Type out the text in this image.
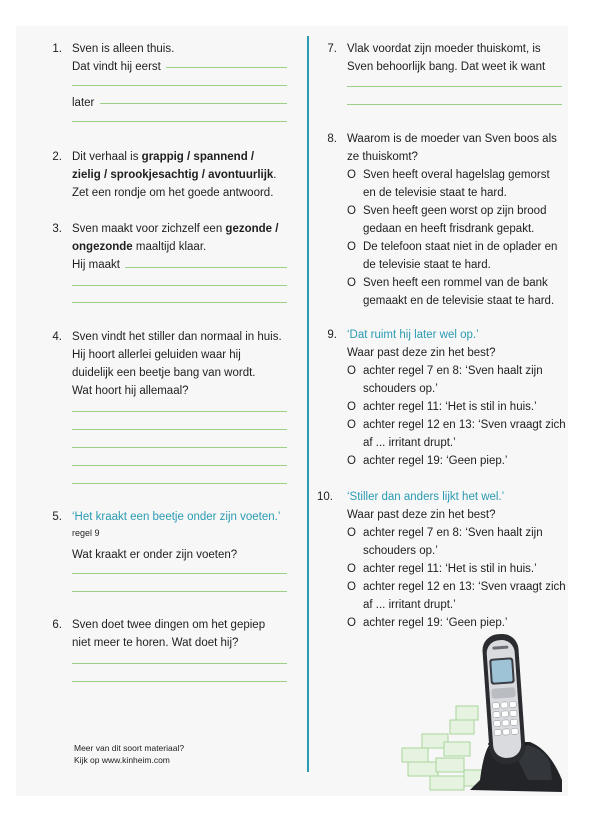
1. Sven is alleen thuis.
Dat vindt hij eerst
later
2. Dit verhaal is grappig / spannend /
zielig / sprookjesachtig / avontuurlijk.
Zet een rondje om het goede antwoord.
3. Sven maakt voor zichzelf een gezonde /
ongezonde maaltijd klaar.
Hij maakt
4. Sven vindt het stiller dan normaal in huis.
Hij hoort allerlei geluiden waar hij
duidelijk een beetje bang van wordt.
Wat hoort hij allemaal?
5. ‘Het kraakt een beetje onder zijn voeten.’
regel 9
Wat kraakt er onder zijn voeten?
6. Sven doet twee dingen om het gepiep
niet meer te horen. Wat doet hij?
Meer van dit soort materiaal?
Kijk op www.kinheim.com
7. Vlak voordat zijn moeder thuiskomt, is
Sven behoorlijk bang. Dat weet ik want
8. Waarom is de moeder van Sven boos als
ze thuiskomt?
O Sven heeft overal hagelslag gemorst
en de televisie staat te hard.
O Sven heeft geen worst op zijn brood
gedaan en heeft frisdrank gepakt.
O De telefoon staat niet in de oplader en
de televisie staat te hard.
O Sven heeft een rommel van de bank
gemaakt en de televisie staat te hard.
9. ‘Dat ruimt hij later wel op.’
Waar past deze zin het best?
O achter regel 7 en 8: ‘Sven haalt zijn
schouders op.’
O achter regel 11: ‘Het is stil in huis.’
O achter regel 12 en 13: ‘Sven vraagt zich
af ... irritant drupt.’
O achter regel 19: ‘Geen piep.’
10. ‘Stiller dan anders lijkt het wel.’
Waar past deze zin het best?
O achter regel 7 en 8: ‘Sven haalt zijn
schouders op.’
O achter regel 11: ‘Het is stil in huis.’
O achter regel 12 en 13: ‘Sven vraagt zich
af ... irritant drupt.’
O achter regel 19: ‘Geen piep.’
